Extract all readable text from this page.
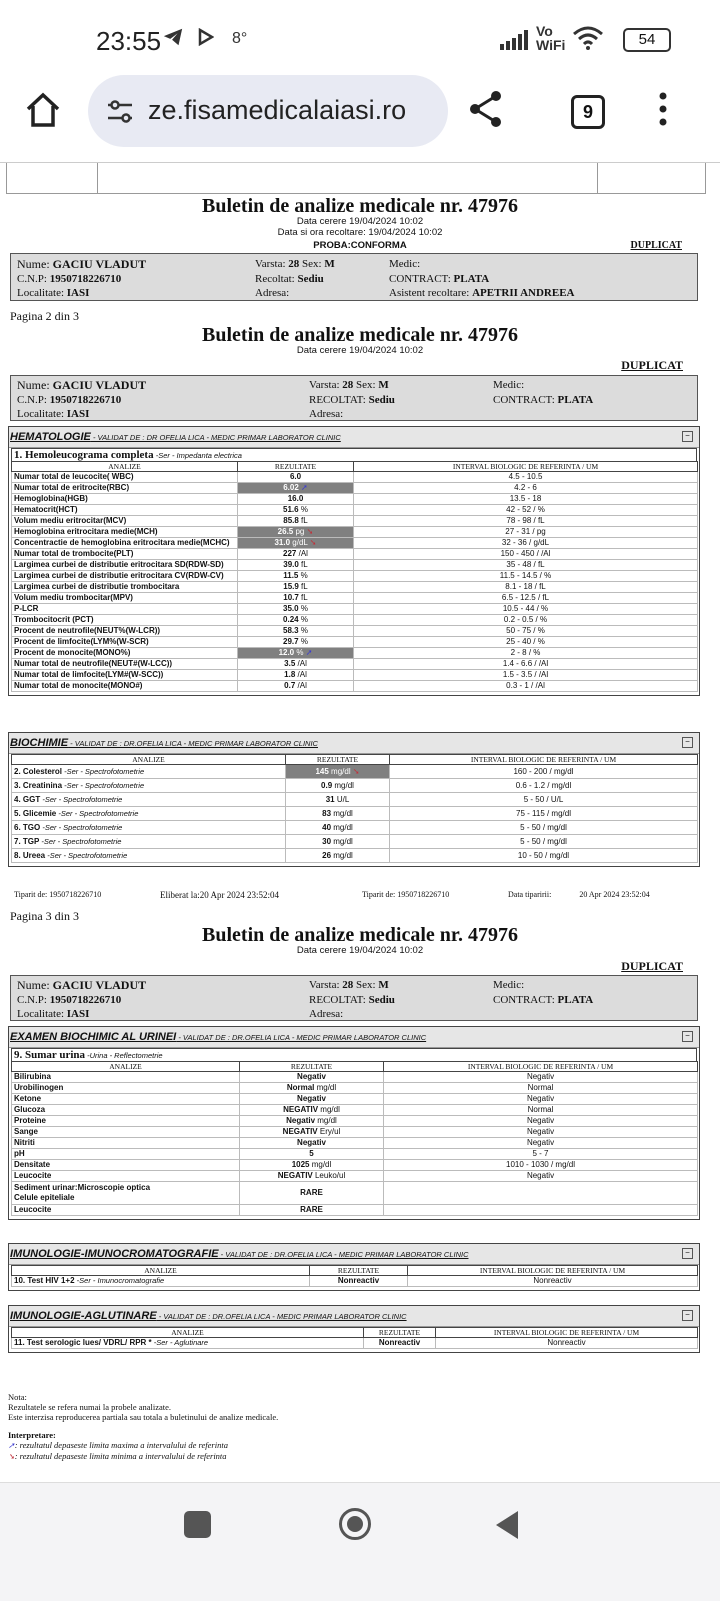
23:55	8°	Vo WiFi	54
ze.fisamedicalaiasi.ro	9
Buletin de analize medicale nr. 47976
Data cerere 19/04/2024 10:02
Data si ora recoltare: 19/04/2024 10:02
PROBA:CONFORMA	DUPLICAT
Nume: GACIU VLADUT
C.N.P: 1950718226710
Localitate: IASI
Varsta: 28 Sex: M
Recoltat: Sediu
Adresa:
Medic:
CONTRACT: PLATA
Asistent recoltare: APETRII ANDREEA
Pagina 2 din 3
Buletin de analize medicale nr. 47976
Data cerere 19/04/2024 10:02
DUPLICAT
Nume: GACIU VLADUT
C.N.P: 1950718226710
Localitate: IASI
Varsta: 28 Sex: M
RECOLTAT: Sediu
Adresa:
Medic:
CONTRACT: PLATA
HEMATOLOGIE - VALIDAT DE : DR OFELIA LICA - MEDIC PRIMAR LABORATOR CLINIC	−
1. Hemoleucograma completa -Ser - Impedanta electrica
ANALIZE	REZULTATE	INTERVAL BIOLOGIC DE REFERINTA / UM
Numar total de leucocite( WBC)	6.0	4.5 - 10.5
Numar total de eritrocite(RBC)	6.02 ➚	4.2 - 6
Hemoglobina(HGB)	16.0	13.5 - 18
Hematocrit(HCT)	51.6 %	42 - 52 / %
Volum mediu eritrocitar(MCV)	85.8 fL	78 - 98 / fL
Hemoglobina eritrocitara medie(MCH)	26.5 pg ➘	27 - 31 / pg
Concentractie de hemoglobina eritrocitara medie(MCHC)	31.0 g/dL ➘	32 - 36 / g/dL
Numar total de trombocite(PLT)	227 /Al	150 - 450 / /Al
Largimea curbei de distributie eritrocitara SD(RDW-SD)	39.0 fL	35 - 48 / fL
Largimea curbei de distributie eritrocitara CV(RDW-CV)	11.5 %	11.5 - 14.5 / %
Largimea curbei de distributie trombocitara	15.9 fL	8.1 - 18 / fL
Volum mediu trombocitar(MPV)	10.7 fL	6.5 - 12.5 / fL
P-LCR	35.0 %	10.5 - 44 / %
Trombocitocrit (PCT)	0.24 %	0.2 - 0.5 / %
Procent de neutrofile(NEUT%(W-LCR))	58.3 %	50 - 75 / %
Procent de limfocite(LYM%(W-SCR)	29.7 %	25 - 40 / %
Procent de monocite(MONO%)	12.0 % ➚	2 - 8 / %
Numar total de neutrofile(NEUT#(W-LCC))	3.5 /Al	1.4 - 6.6 / /Al
Numar total de limfocite(LYM#(W-SCC))	1.8 /Al	1.5 - 3.5 / /Al
Numar total de monocite(MONO#)	0.7 /Al	0.3 - 1 / /Al
BIOCHIMIE - VALIDAT DE : DR.OFELIA LICA - MEDIC PRIMAR LABORATOR CLINIC	−
ANALIZE	REZULTATE	INTERVAL BIOLOGIC DE REFERINTA / UM
2. Colesterol -Ser - Spectrofotometrie	145 mg/dl ➘	160 - 200 / mg/dl
3. Creatinina -Ser - Spectrofotometrie	0.9 mg/dl	0.6 - 1.2 / mg/dl
4. GGT -Ser - Spectrofotometrie	31 U/L	5 - 50 / U/L
5. Glicemie -Ser - Spectrofotometrie	83 mg/dl	75 - 115 / mg/dl
6. TGO -Ser - Spectrofotometrie	40 mg/dl	5 - 50 / mg/dl
7. TGP -Ser - Spectrofotometrie	30 mg/dl	5 - 50 / mg/dl
8. Ureea -Ser - Spectrofotometrie	26 mg/dl	10 - 50 / mg/dl
Tiparit de: 1950718226710	Eliberat la:20 Apr 2024 23:52:04	Tiparit de: 1950718226710	Data tiparirii:	20 Apr 2024 23:52:04
Pagina 3 din 3
Buletin de analize medicale nr. 47976
Data cerere 19/04/2024 10:02
DUPLICAT
Nume: GACIU VLADUT
C.N.P: 1950718226710
Localitate: IASI
Varsta: 28 Sex: M
RECOLTAT: Sediu
Adresa:
Medic:
CONTRACT: PLATA
EXAMEN BIOCHIMIC AL URINEI - VALIDAT DE : DR.OFELIA LICA - MEDIC PRIMAR LABORATOR CLINIC	−
9. Sumar urina -Urina - Reflectometrie
ANALIZE	REZULTATE	INTERVAL BIOLOGIC DE REFERINTA / UM
Bilirubina	Negativ	Negativ
Urobilinogen	Normal mg/dl	Normal
Ketone	Negativ	Negativ
Glucoza	NEGATIV mg/dl	Normal
Proteine	Negativ mg/dl	Negativ
Sange	NEGATIV Ery/ul	Negativ
Nitriti	Negativ	Negativ
pH	5	5 - 7
Densitate	1025 mg/dl	1010 - 1030 / mg/dl
Leucocite	NEGATIV Leuko/ul	Negativ
Sediment urinar:Microscopie optica
Celule epiteliale	RARE	
Leucocite	RARE	
IMUNOLOGIE-IMUNOCROMATOGRAFIE - VALIDAT DE : DR.OFELIA LICA - MEDIC PRIMAR LABORATOR CLINIC	−
ANALIZE	REZULTATE	INTERVAL BIOLOGIC DE REFERINTA / UM
10. Test HIV 1+2 -Ser - Imunocromatografie	Nonreactiv	Nonreactiv
IMUNOLOGIE-AGLUTINARE - VALIDAT DE : DR.OFELIA LICA - MEDIC PRIMAR LABORATOR CLINIC	−
ANALIZE	REZULTATE	INTERVAL BIOLOGIC DE REFERINTA / UM
11. Test serologic lues/ VDRL/ RPR * -Ser - Aglutinare	Nonreactiv	Nonreactiv
Nota:
Rezultatele se refera numai la probele analizate.
Este interzisa reproducerea partiala sau totala a buletinului de analize medicale.
Interpretare:
➚: rezultatul depaseste limita maxima a intervalului de referinta
➘: rezultatul depaseste limita minima a intervalului de referinta
